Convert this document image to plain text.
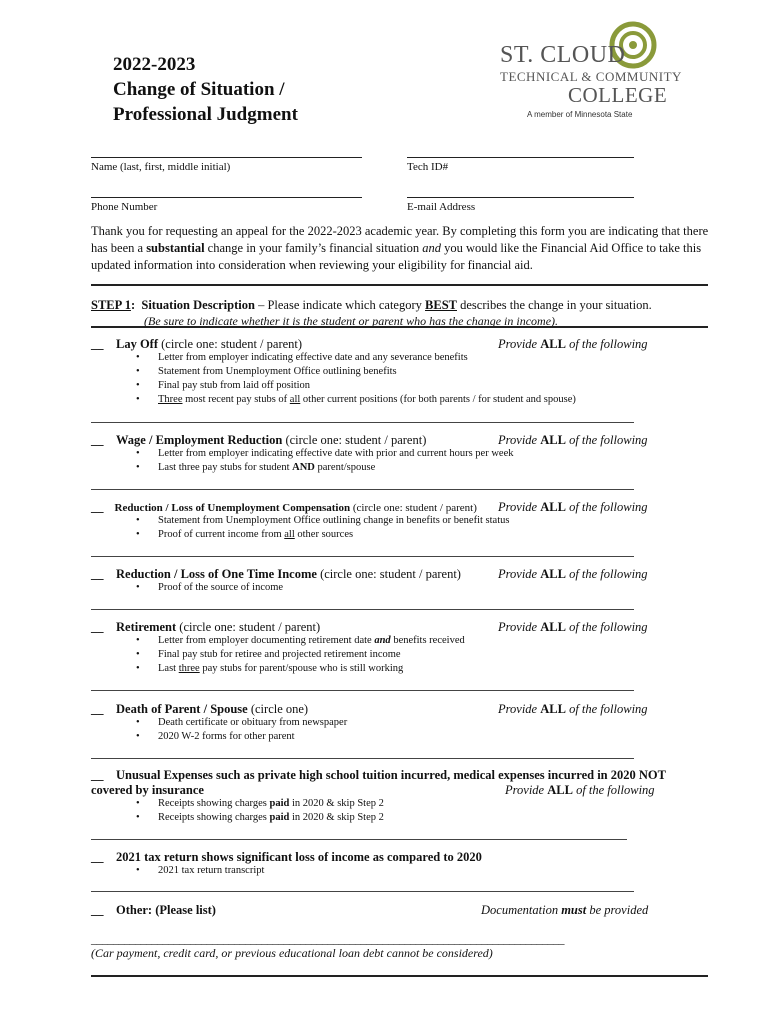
2022-2023
Change of Situation /
Professional Judgment
ST. CLOUD
TECHNICAL & COMMUNITY
COLLEGE
A member of Minnesota State
Name (last, first, middle initial)	Tech ID#
Phone Number	E-mail Address
Thank you for requesting an appeal for the 2022-2023 academic year. By completing this form you are indicating that there has been a substantial change in your family’s financial situation and you would like the Financial Aid Office to take this updated information into consideration when reviewing your eligibility for financial aid.
STEP 1: Situation Description – Please indicate which category BEST describes the change in your situation.
(Be sure to indicate whether it is the student or parent who has the change in income).
__ Lay Off (circle one: student / parent)	Provide ALL of the following
• Letter from employer indicating effective date and any severance benefits
• Statement from Unemployment Office outlining benefits
• Final pay stub from laid off position
• Three most recent pay stubs of all other current positions (for both parents / for student and spouse)
__ Wage / Employment Reduction (circle one: student / parent)	Provide ALL of the following
• Letter from employer indicating effective date with prior and current hours per week
• Last three pay stubs for student AND parent/spouse
__ Reduction / Loss of Unemployment Compensation (circle one: student / parent) Provide ALL of the following
• Statement from Unemployment Office outlining change in benefits or benefit status
• Proof of current income from all other sources
__ Reduction / Loss of One Time Income (circle one: student / parent)	Provide ALL of the following
• Proof of the source of income
__ Retirement (circle one: student / parent)	Provide ALL of the following
• Letter from employer documenting retirement date and benefits received
• Final pay stub for retiree and projected retirement income
• Last three pay stubs for parent/spouse who is still working
__ Death of Parent / Spouse (circle one)	Provide ALL of the following
• Death certificate or obituary from newspaper
• 2020 W-2 forms for other parent
__ Unusual Expenses such as private high school tuition incurred, medical expenses incurred in 2020 NOT
covered by insurance	Provide ALL of the following
• Receipts showing charges paid in 2020 & skip Step 2
• Receipts showing charges paid in 2020 & skip Step 2
__ 2021 tax return shows significant loss of income as compared to 2020
• 2021 tax return transcript
__ Other: (Please list)	Documentation must be provided
______________________________________________________________________________________
(Car payment, credit card, or previous educational loan debt cannot be considered)
